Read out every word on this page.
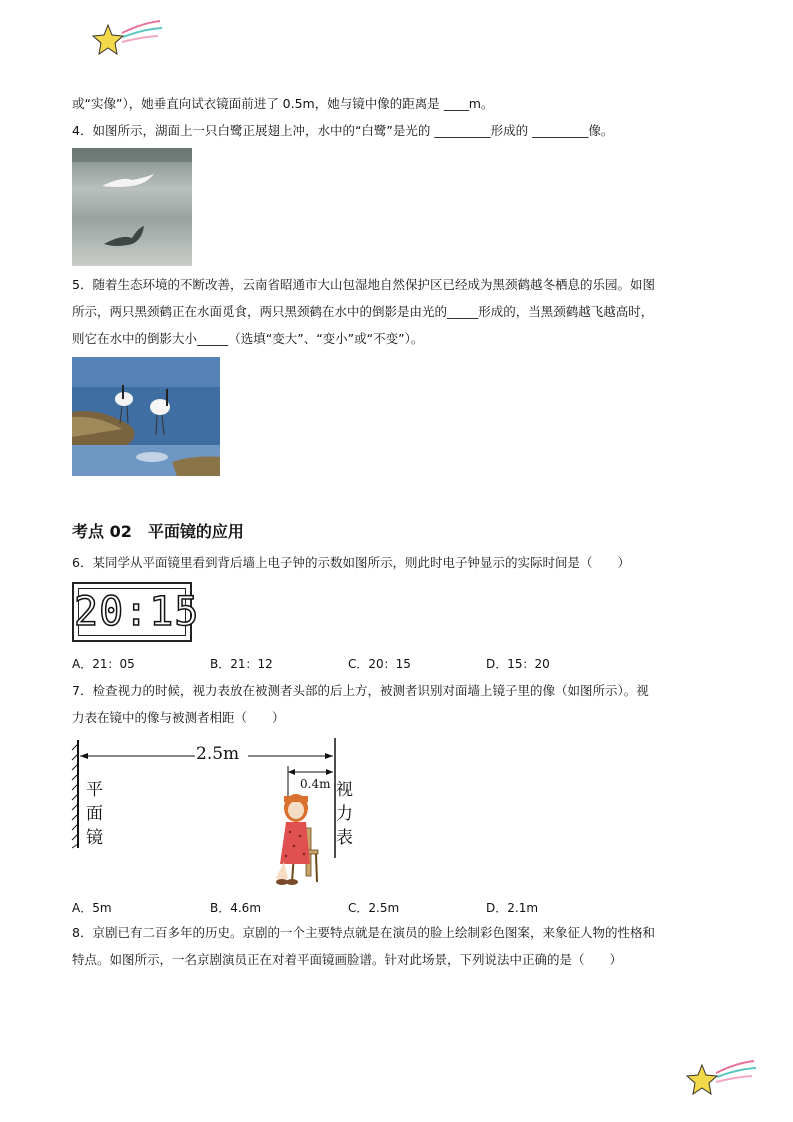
或“实像”），她垂直向试衣镜面前进了 0.5m，她与镜中像的距离是 ____m。
4．如图所示，湖面上一只白鹭正展翅上冲，水中的“白鹭”是光的 _________形成的 _________像。
5．随着生态环境的不断改善，云南省昭通市大山包湿地自然保护区已经成为黑颈鹤越冬栖息的乐园。如图
所示，两只黑颈鹤正在水面觅食，两只黑颈鹤在水中的倒影是由光的_____形成的，当黑颈鹤越飞越高时，
则它在水中的倒影大小_____（选填“变大”、“变小”或“不变”）。
考点 02　平面镜的应用
6．某同学从平面镜里看到背后墙上电子钟的示数如图所示，则此时电子钟显示的实际时间是（　　）
20:15
A．21：05	B．21：12	C．20：15	D．15：20
7．检查视力的时候，视力表放在被测者头部的后上方，被测者识别对面墙上镜子里的像（如图所示）。视
力表在镜中的像与被测者相距（　　）
2.5m
0.4m
平
面
镜
视
力
表
A．5m	B．4.6m	C．2.5m	D．2.1m
8．京剧已有二百多年的历史。京剧的一个主要特点就是在演员的脸上绘制彩色图案，来象征人物的性格和
特点。如图所示，一名京剧演员正在对着平面镜画脸谱。针对此场景，下列说法中正确的是（　　）
